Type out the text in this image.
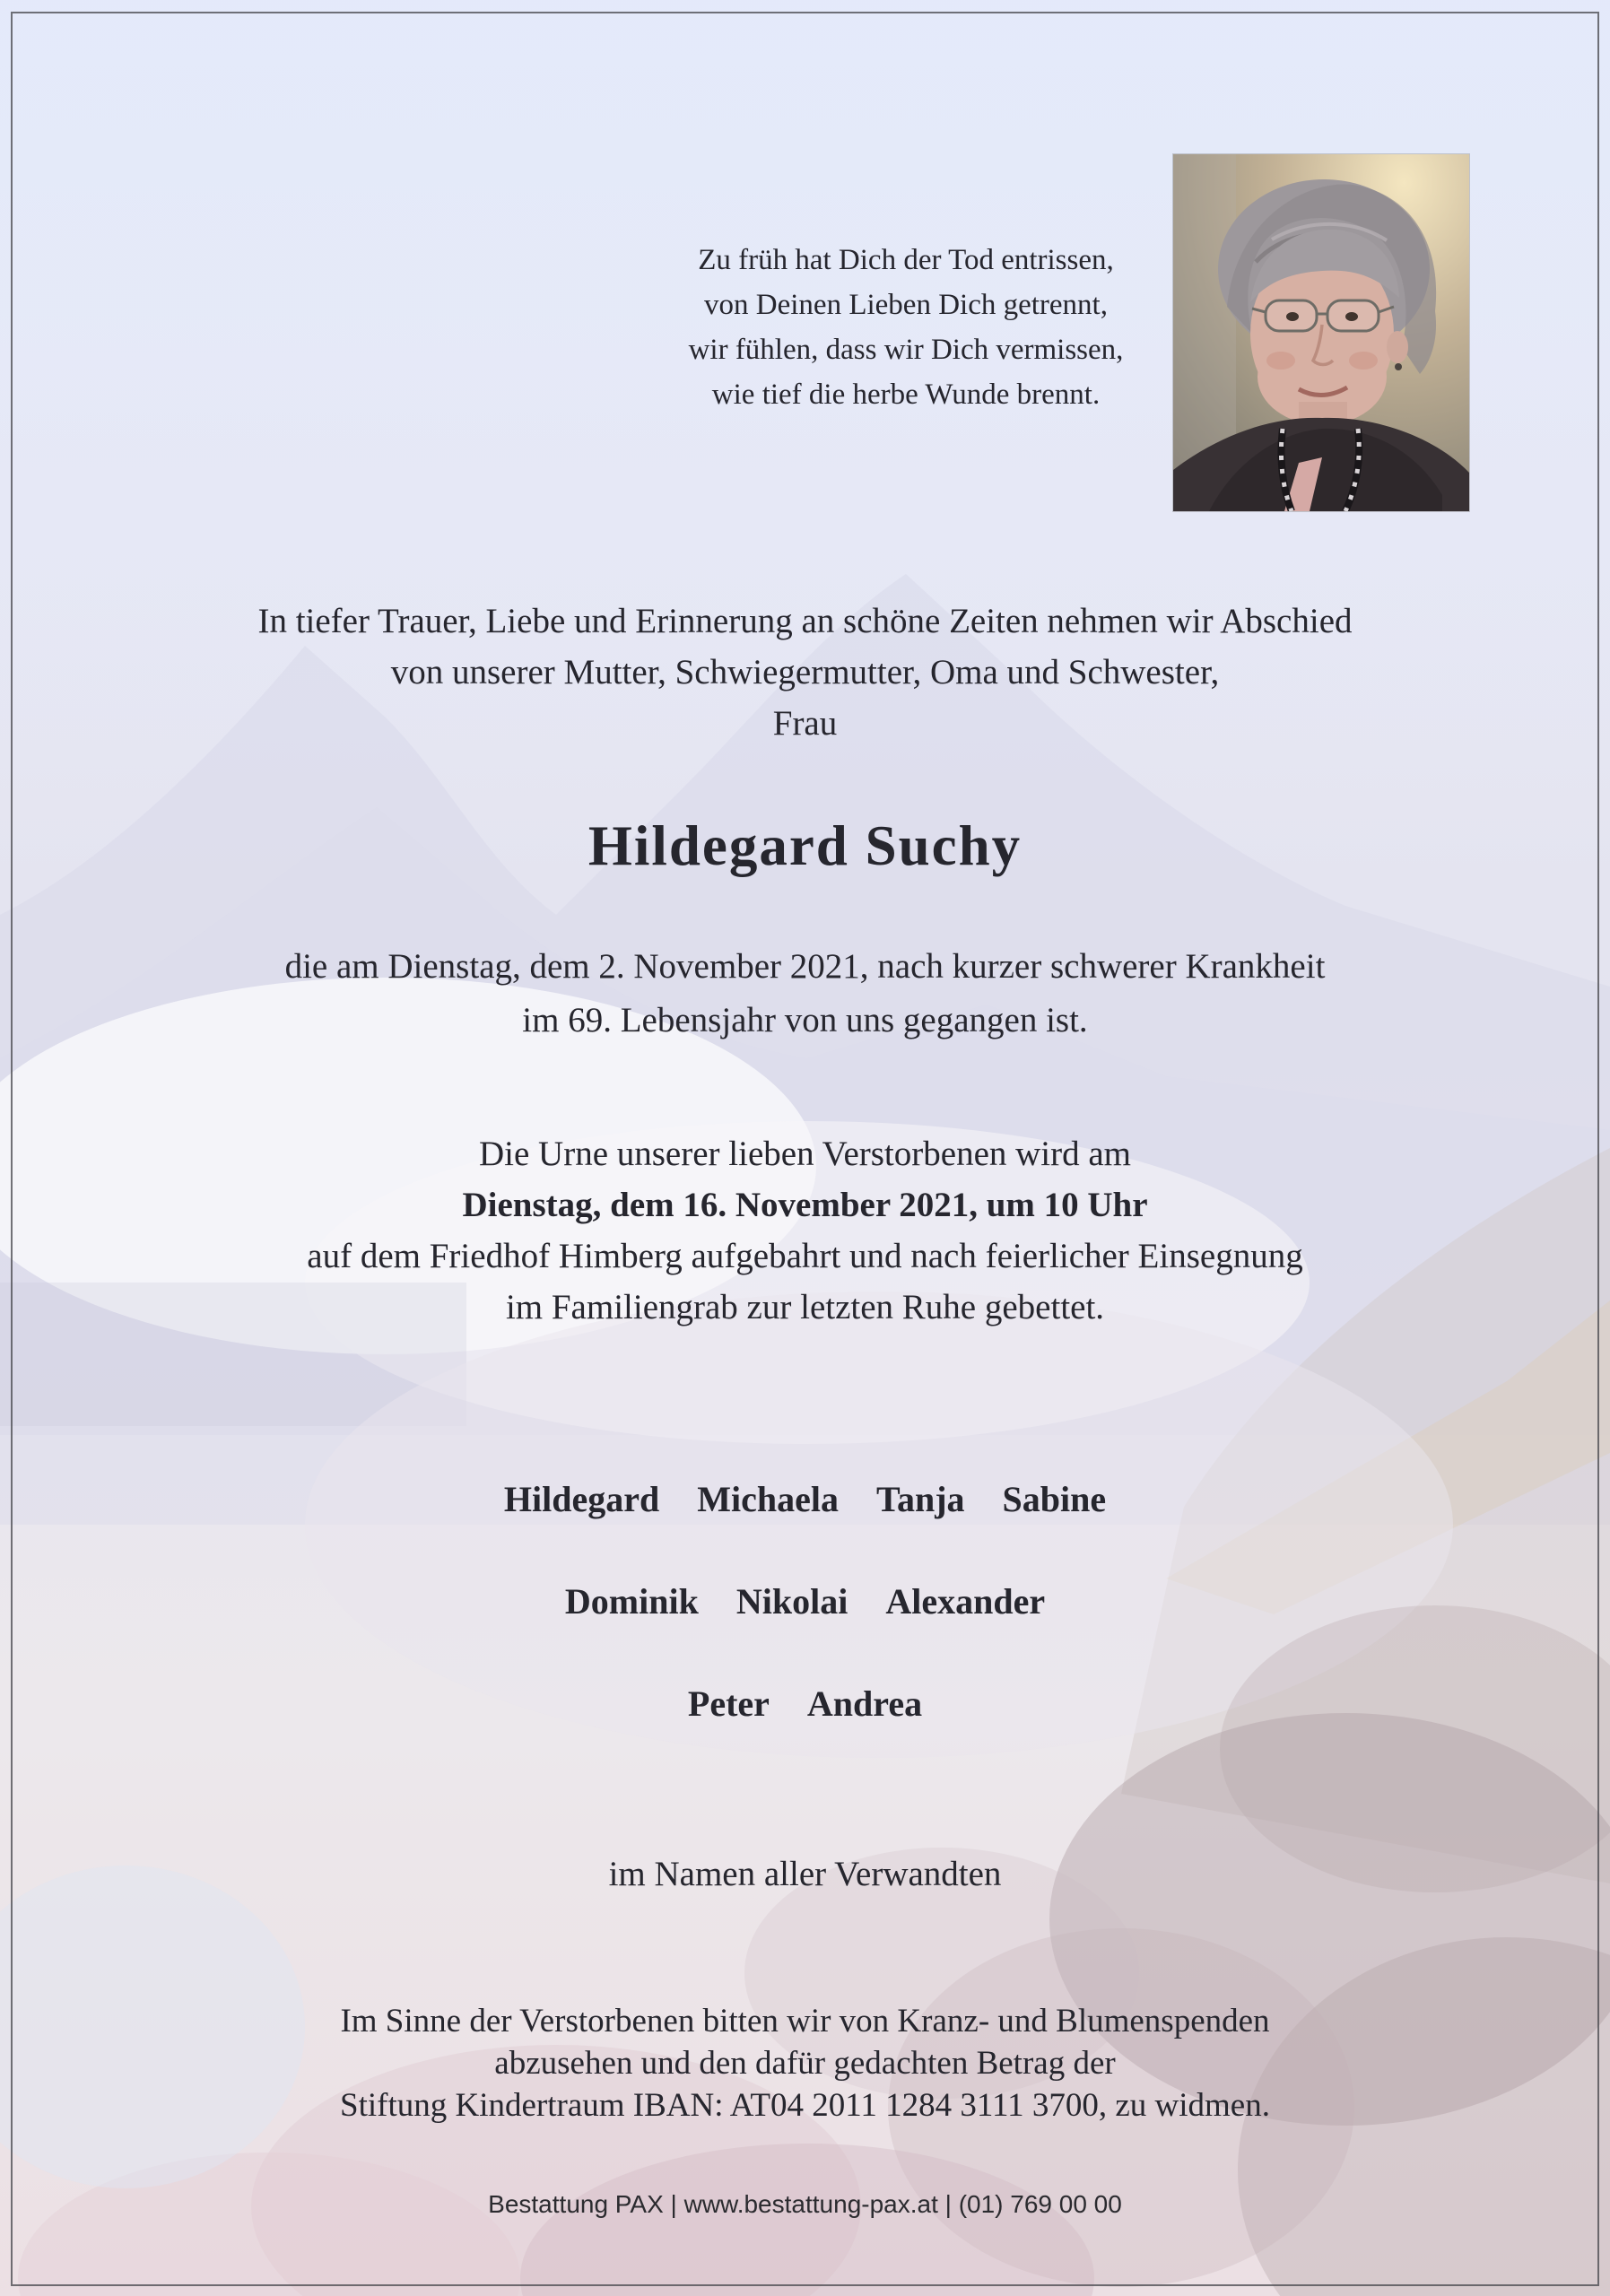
Zu früh hat Dich der Tod entrissen,
von Deinen Lieben Dich getrennt,
wir fühlen, dass wir Dich vermissen,
wie tief die herbe Wunde brennt.
In tiefer Trauer, Liebe und Erinnerung an schöne Zeiten nehmen wir Abschied
von unserer Mutter, Schwiegermutter, Oma und Schwester,
Frau
Hildegard Suchy
die am Dienstag, dem 2. November 2021, nach kurzer schwerer Krankheit
im 69. Lebensjahr von uns gegangen ist.
Die Urne unserer lieben Verstorbenen wird am
Dienstag, dem 16. November 2021, um 10 Uhr
auf dem Friedhof Himberg aufgebahrt und nach feierlicher Einsegnung
im Familiengrab zur letzten Ruhe gebettet.
Hildegard Michaela Tanja Sabine
Dominik Nikolai Alexander
Peter Andrea
im Namen aller Verwandten
Im Sinne der Verstorbenen bitten wir von Kranz- und Blumenspenden
abzusehen und den dafür gedachten Betrag der
Stiftung Kindertraum IBAN: AT04 2011 1284 3111 3700, zu widmen.
Bestattung PAX | www.bestattung-pax.at | (01) 769 00 00
